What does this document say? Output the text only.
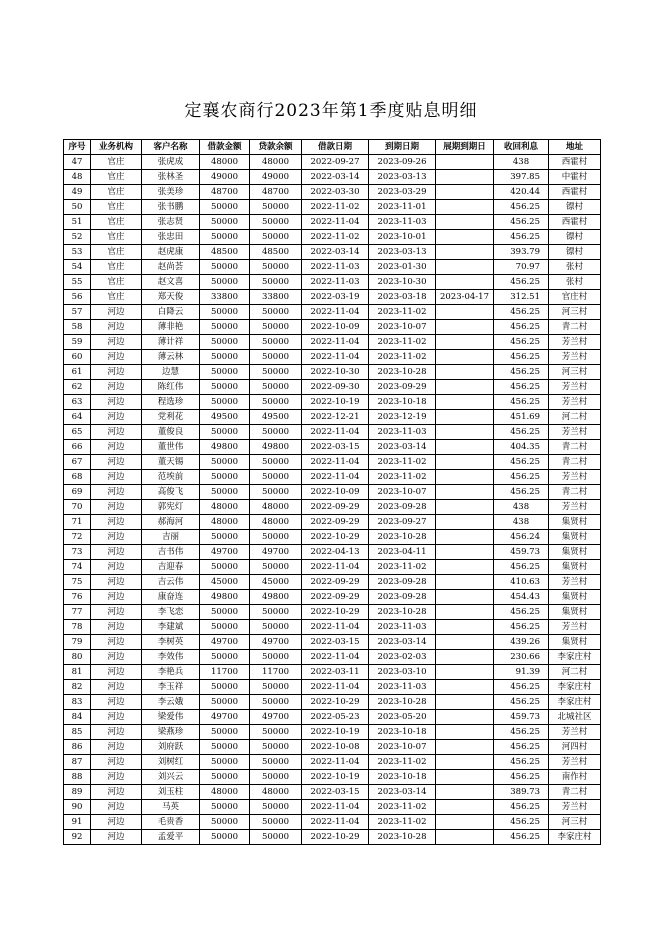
定襄农商行2023年第1季度贴息明细
序号	业务机构	客户名称	借款金额	贷款余额	借款日期	到期日期	展期到期日	收回利息	地址
47	官庄	张虎成	48000	48000	2022-09-27	2023-09-26		438	西霍村
48	官庄	张林圣	49000	49000	2022-03-14	2023-03-13		397.85	中霍村
49	官庄	张美珍	48700	48700	2022-03-30	2023-03-29		420.44	西霍村
50	官庄	张书鹏	50000	50000	2022-11-02	2023-11-01		456.25	镖村
51	官庄	张志贤	50000	50000	2022-11-04	2023-11-03		456.25	西霍村
52	官庄	张忠田	50000	50000	2022-11-02	2023-10-01		456.25	镖村
53	官庄	赵虎康	48500	48500	2022-03-14	2023-03-13		393.79	镖村
54	官庄	赵尚荟	50000	50000	2022-11-03	2023-01-30		70.97	张村
55	官庄	赵文喜	50000	50000	2022-11-03	2023-10-30		456.25	张村
56	官庄	郑天俊	33800	33800	2022-03-19	2023-03-18	2023-04-17	312.51	官庄村
57	河边	白降云	50000	50000	2022-11-04	2023-11-02		456.25	河三村
58	河边	薄非艳	50000	50000	2022-10-09	2023-10-07		456.25	青二村
59	河边	薄计祥	50000	50000	2022-11-04	2023-11-02		456.25	芳兰村
60	河边	薄云林	50000	50000	2022-11-04	2023-11-02		456.25	芳兰村
61	河边	边慧	50000	50000	2022-10-30	2023-10-28		456.25	河三村
62	河边	陈红伟	50000	50000	2022-09-30	2023-09-29		456.25	芳兰村
63	河边	程选珍	50000	50000	2022-10-19	2023-10-18		456.25	芳兰村
64	河边	党利花	49500	49500	2022-12-21	2023-12-19		451.69	河二村
65	河边	董俊良	50000	50000	2022-11-04	2023-11-03		456.25	芳兰村
66	河边	董世伟	49800	49800	2022-03-15	2023-03-14		404.35	青二村
67	河边	董天锡	50000	50000	2022-11-04	2023-11-02		456.25	青二村
68	河边	范埃前	50000	50000	2022-11-04	2023-11-02		456.25	芳兰村
69	河边	高俊飞	50000	50000	2022-10-09	2023-10-07		456.25	青二村
70	河边	郭宪灯	48000	48000	2022-09-29	2023-09-28		438	芳兰村
71	河边	郝海河	48000	48000	2022-09-29	2023-09-27		438	集贤村
72	河边	吉丽	50000	50000	2022-10-29	2023-10-28		456.24	集贤村
73	河边	吉书伟	49700	49700	2022-04-13	2023-04-11		459.73	集贤村
74	河边	吉迎春	50000	50000	2022-11-04	2023-11-02		456.25	集贤村
75	河边	吉云伟	45000	45000	2022-09-29	2023-09-28		410.63	芳兰村
76	河边	康奋连	49800	49800	2022-09-29	2023-09-28		454.43	集贤村
77	河边	李飞恋	50000	50000	2022-10-29	2023-10-28		456.25	集贤村
78	河边	李建斌	50000	50000	2022-11-04	2023-11-03		456.25	芳兰村
79	河边	李树英	49700	49700	2022-03-15	2023-03-14		439.26	集贤村
80	河边	李效伟	50000	50000	2022-11-04	2023-02-03		230.66	李家庄村
81	河边	李艳兵	11700	11700	2022-03-11	2023-03-10		91.39	河二村
82	河边	李玉祥	50000	50000	2022-11-04	2023-11-03		456.25	李家庄村
83	河边	李云娥	50000	50000	2022-10-29	2023-10-28		456.25	李家庄村
84	河边	梁爱伟	49700	49700	2022-05-23	2023-05-20		459.73	北城社区
85	河边	梁燕珍	50000	50000	2022-10-19	2023-10-18		456.25	芳兰村
86	河边	刘府跃	50000	50000	2022-10-08	2023-10-07		456.25	河四村
87	河边	刘树红	50000	50000	2022-11-04	2023-11-02		456.25	芳兰村
88	河边	刘兴云	50000	50000	2022-10-19	2023-10-18		456.25	南作村
89	河边	刘玉柱	48000	48000	2022-03-15	2023-03-14		389.73	青二村
90	河边	马英	50000	50000	2022-11-04	2023-11-02		456.25	芳兰村
91	河边	毛贵香	50000	50000	2022-11-04	2023-11-02		456.25	河三村
92	河边	孟爱平	50000	50000	2022-10-29	2023-10-28		456.25	李家庄村
